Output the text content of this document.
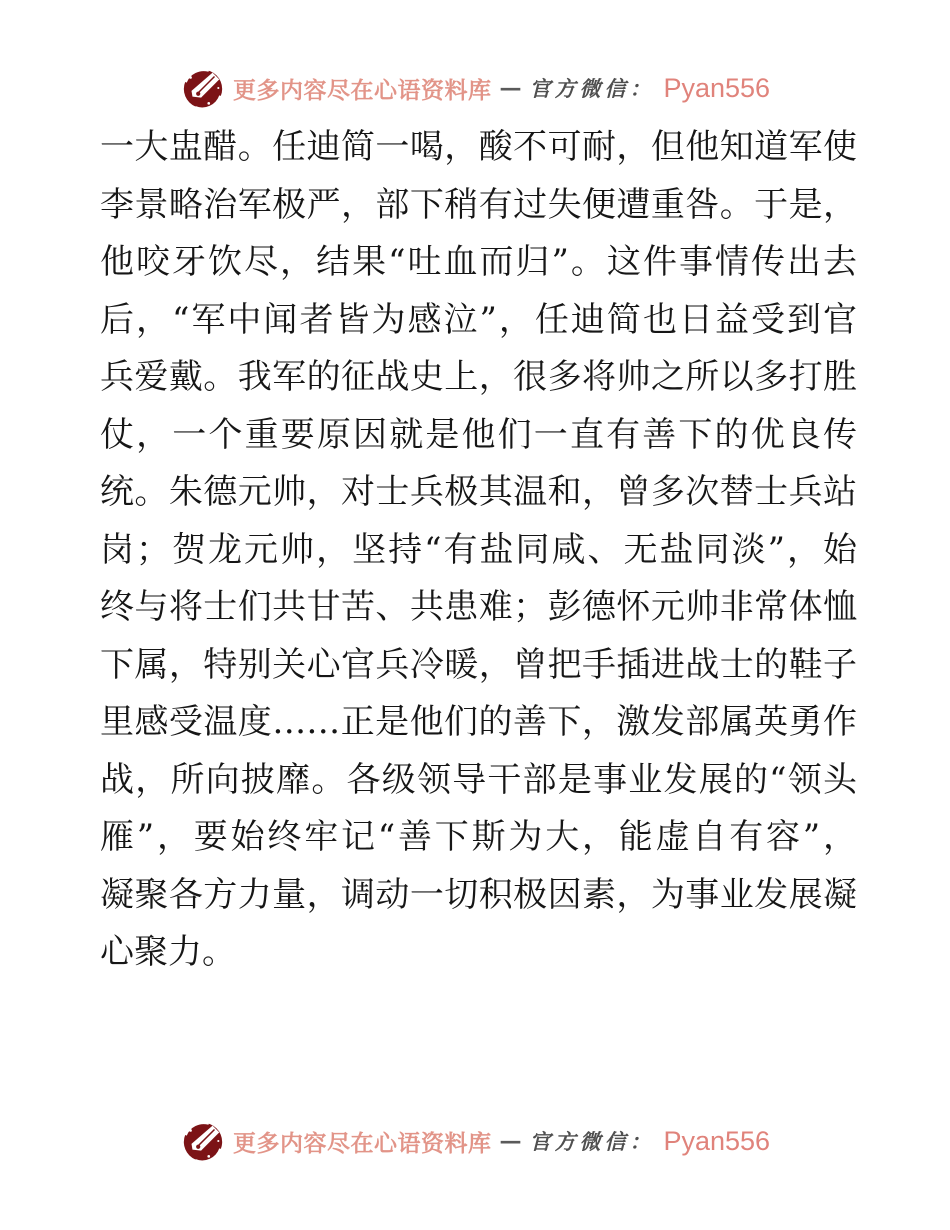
更多内容尽在心语资料库 — 官方微信： Pyan556
一大盅醋。任迪简一喝，酸不可耐，但他知道军使
李景略治军极严，部下稍有过失便遭重咎。于是，
他咬牙饮尽，结果“吐血而归”。这件事情传出去
后，“军中闻者皆为感泣”，任迪简也日益受到官
兵爱戴。我军的征战史上，很多将帅之所以多打胜
仗，一个重要原因就是他们一直有善下的优良传
统。朱德元帅，对士兵极其温和，曾多次替士兵站
岗；贺龙元帅，坚持“有盐同咸、无盐同淡”，始
终与将士们共甘苦、共患难；彭德怀元帅非常体恤
下属，特别关心官兵冷暖，曾把手插进战士的鞋子
里感受温度……正是他们的善下，激发部属英勇作
战，所向披靡。各级领导干部是事业发展的“领头
雁”，要始终牢记“善下斯为大，能虚自有容”，
凝聚各方力量，调动一切积极因素，为事业发展凝
心聚力。
更多内容尽在心语资料库 — 官方微信： Pyan556
